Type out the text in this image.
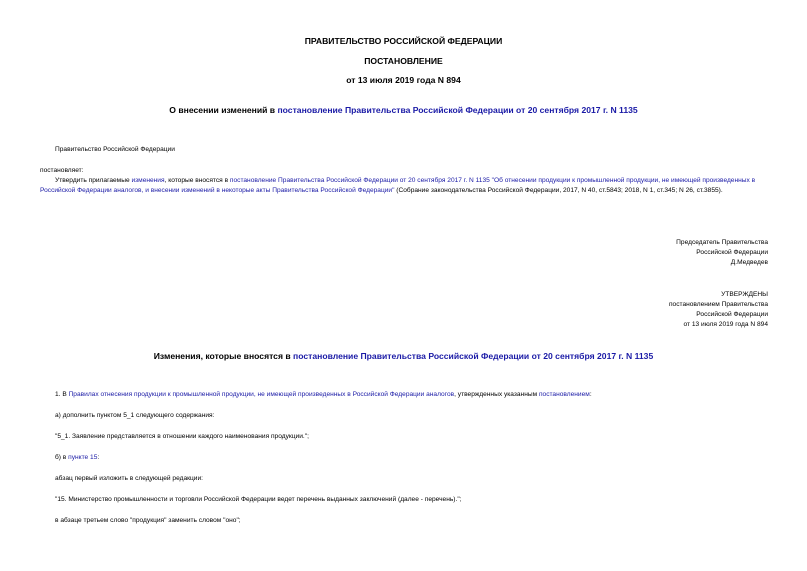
ПРАВИТЕЛЬСТВО РОССИЙСКОЙ ФЕДЕРАЦИИ
ПОСТАНОВЛЕНИЕ
от 13 июля 2019 года N 894
О внесении изменений в постановление Правительства Российской Федерации от 20 сентября 2017 г. N 1135
Правительство Российской Федерации
постановляет:
Утвердить прилагаемые изменения, которые вносятся в постановление Правительства Российской Федерации от 20 сентября 2017 г. N 1135 "Об отнесении продукции к промышленной продукции, не имеющей произведенных в Российской Федерации аналогов, и внесении изменений в некоторые акты Правительства Российской Федерации" (Собрание законодательства Российской Федерации, 2017, N 40, ст.5843; 2018, N 1, ст.345; N 26, ст.3855).
Председатель Правительства
Российской Федерации
Д.Медведев
УТВЕРЖДЕНЫ
постановлением Правительства
Российской Федерации
от 13 июля 2019 года N 894
Изменения, которые вносятся в постановление Правительства Российской Федерации от 20 сентября 2017 г. N 1135
1. В Правилах отнесения продукции к промышленной продукции, не имеющей произведенных в Российской Федерации аналогов, утвержденных указанным постановлением:
а) дополнить пунктом 5_1 следующего содержания:
"5_1. Заявление представляется в отношении каждого наименования продукции.";
б) в пункте 15:
абзац первый изложить в следующей редакции:
"15. Министерство промышленности и торговли Российской Федерации ведет перечень выданных заключений (далее - перечень).";
в абзаце третьем слово "продукция" заменить словом "оно";
